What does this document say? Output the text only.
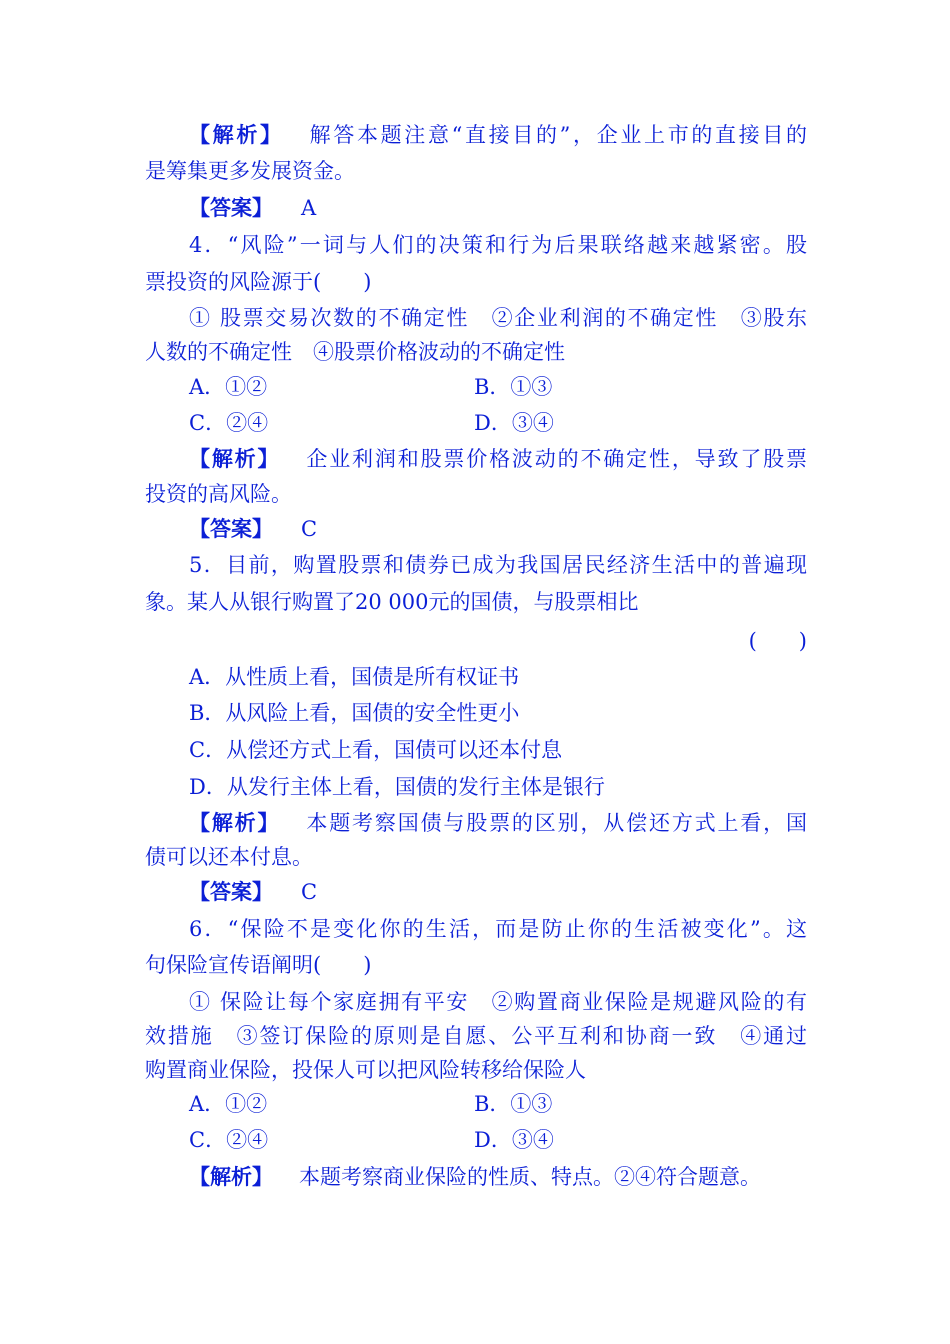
【解析】 解答本题注意“直接目的”，企业上市的直接目的
是筹集更多发展资金。
【答案】 A
4．“风险”一词与人们的决策和行为后果联络越来越紧密。股
票投资的风险源于(　　)
① 股票交易次数的不确定性　②企业利润的不确定性　③股东
人数的不确定性　④股票价格波动的不确定性
A．①②	B．①③
C．②④	D．③④
【解析】 企业利润和股票价格波动的不确定性，导致了股票
投资的高风险。
【答案】 C
5．目前，购置股票和债券已成为我国居民经济生活中的普遍现
象。某人从银行购置了20 000元的国债，与股票相比
(　　)
A．从性质上看，国债是所有权证书
B．从风险上看，国债的安全性更小
C．从偿还方式上看，国债可以还本付息
D．从发行主体上看，国债的发行主体是银行
【解析】 本题考察国债与股票的区别，从偿还方式上看，国
债可以还本付息。
【答案】 C
6．“保险不是变化你的生活，而是防止你的生活被变化”。这
句保险宣传语阐明(　　)
① 保险让每个家庭拥有平安　②购置商业保险是规避风险的有
效措施　③签订保险的原则是自愿、公平互利和协商一致　④通过
购置商业保险，投保人可以把风险转移给保险人
A．①②	B．①③
C．②④	D．③④
【解析】 本题考察商业保险的性质、特点。②④符合题意。
